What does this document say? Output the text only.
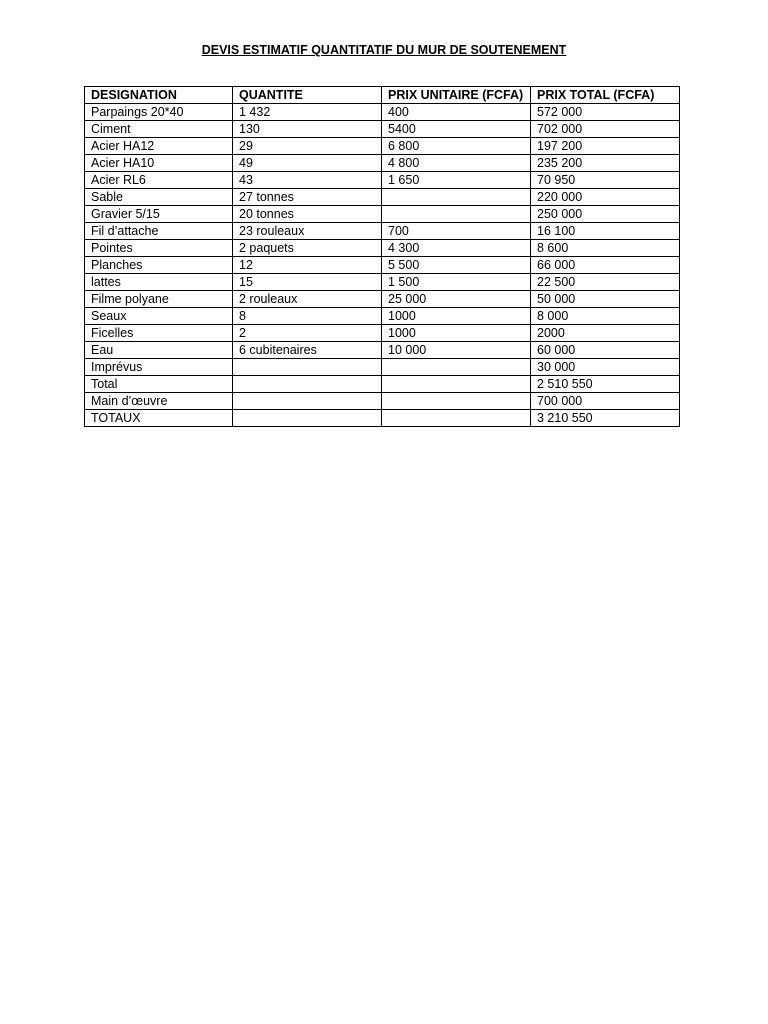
DEVIS ESTIMATIF QUANTITATIF DU MUR DE SOUTENEMENT
DESIGNATION	QUANTITE	PRIX UNITAIRE (FCFA)	PRIX TOTAL (FCFA)
Parpaings 20*40	1 432	400	572 000
Ciment	130	5400	702 000
Acier HA12	29	6 800	197 200
Acier HA10	49	4 800	235 200
Acier RL6	43	1 650	70 950
Sable	27 tonnes		220 000
Gravier 5/15	20 tonnes		250 000
Fil d’attache	23 rouleaux	700	16 100
Pointes	2 paquets	4 300	8 600
Planches	12	5 500	66 000
lattes	15	1 500	22 500
Filme polyane	2 rouleaux	25 000	50 000
Seaux	8	1000	8 000
Ficelles	2	1000	2000
Eau	6 cubitenaires	10 000	60 000
Imprévus			30 000
Total			2 510 550
Main d’œuvre			700 000
TOTAUX			3 210 550
